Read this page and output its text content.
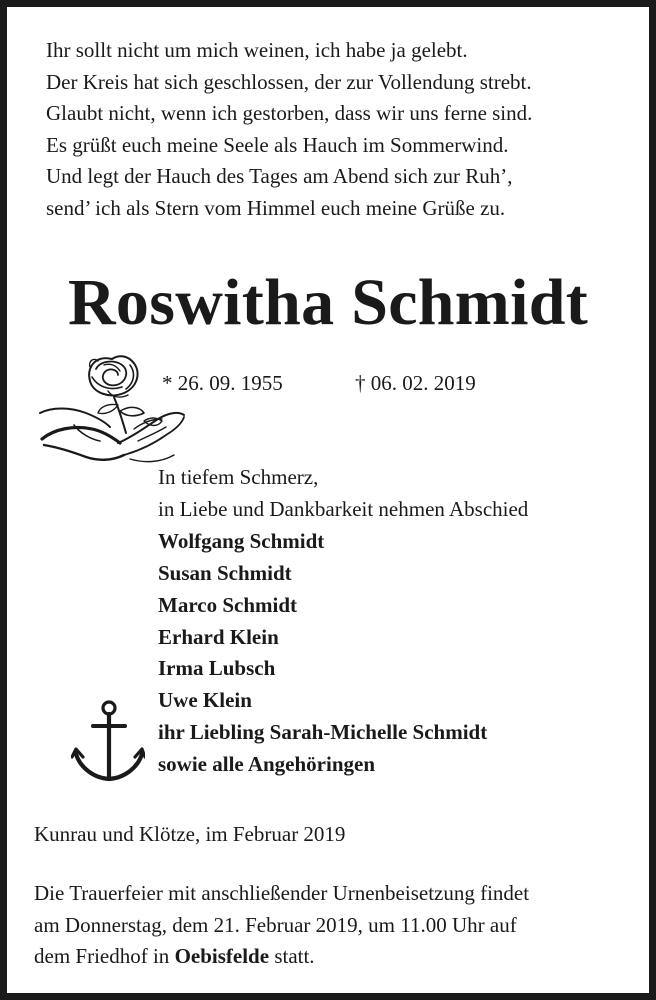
Ihr sollt nicht um mich weinen, ich habe ja gelebt.
Der Kreis hat sich geschlossen, der zur Vollendung strebt.
Glaubt nicht, wenn ich gestorben, dass wir uns ferne sind.
Es grüßt euch meine Seele als Hauch im Sommerwind.
Und legt der Hauch des Tages am Abend sich zur Ruh’,
send’ ich als Stern vom Himmel euch meine Grüße zu.
Roswitha Schmidt
* 26. 09. 1955	† 06. 02. 2019
In tiefem Schmerz,
in Liebe und Dankbarkeit nehmen Abschied
Wolfgang Schmidt
Susan Schmidt
Marco Schmidt
Erhard Klein
Irma Lubsch
Uwe Klein
ihr Liebling Sarah-Michelle Schmidt
sowie alle Angehöringen
Kunrau und Klötze, im Februar 2019
Die Trauerfeier mit anschließender Urnenbeisetzung findet
am Donnerstag, dem 21. Februar 2019, um 11.00 Uhr auf
dem Friedhof in Oebisfelde statt.
